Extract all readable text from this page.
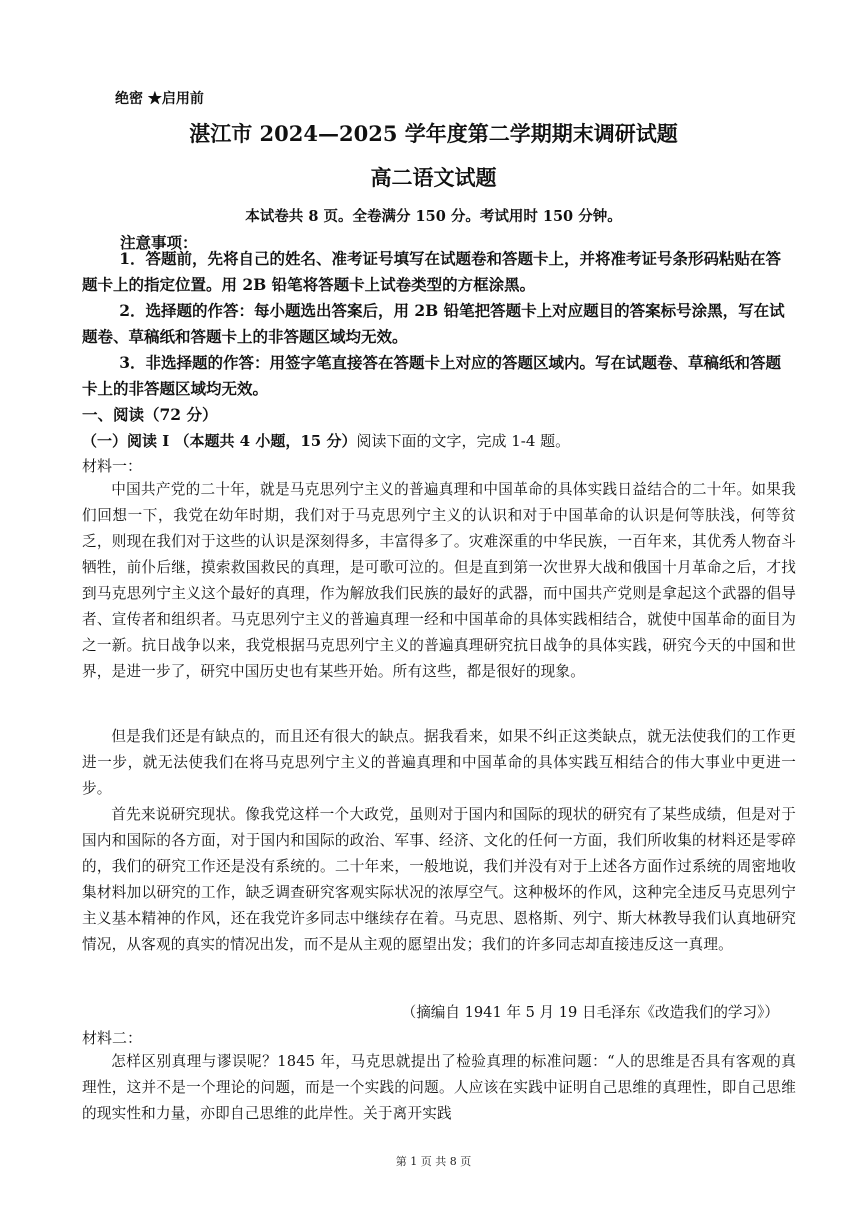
绝密 ★启用前
湛江市 2024—2025 学年度第二学期期末调研试题
高二语文试题
本试卷共 8 页。全卷满分 150 分。考试用时 150 分钟。
注意事项：
1．答题前，先将自己的姓名、准考证号填写在试题卷和答题卡上，并将准考证号条形码粘贴在答题卡上的指定位置。用 2B 铅笔将答题卡上试卷类型的方框涂黑。
2．选择题的作答：每小题选出答案后，用 2B 铅笔把答题卡上对应题目的答案标号涂黑，写在试题卷、草稿纸和答题卡上的非答题区域均无效。
3．非选择题的作答：用签字笔直接答在答题卡上对应的答题区域内。写在试题卷、草稿纸和答题卡上的非答题区域均无效。
一、阅读（72 分）
（一）阅读 Ⅰ （本题共 4 小题，15 分）阅读下面的文字，完成 1-4 题。
材料一：
中国共产党的二十年，就是马克思列宁主义的普遍真理和中国革命的具体实践日益结合的二十年。如果我们回想一下，我党在幼年时期，我们对于马克思列宁主义的认识和对于中国革命的认识是何等肤浅，何等贫乏，则现在我们对于这些的认识是深刻得多，丰富得多了。灾难深重的中华民族，一百年来，其优秀人物奋斗牺牲，前仆后继，摸索救国救民的真理，是可歌可泣的。但是直到第一次世界大战和俄国十月革命之后，才找到马克思列宁主义这个最好的真理，作为解放我们民族的最好的武器，而中国共产党则是拿起这个武器的倡导者、宣传者和组织者。马克思列宁主义的普遍真理一经和中国革命的具体实践相结合，就使中国革命的面目为之一新。抗日战争以来，我党根据马克思列宁主义的普遍真理研究抗日战争的具体实践，研究今天的中国和世界，是进一步了，研究中国历史也有某些开始。所有这些，都是很好的现象。
但是我们还是有缺点的，而且还有很大的缺点。据我看来，如果不纠正这类缺点，就无法使我们的工作更进一步，就无法使我们在将马克思列宁主义的普遍真理和中国革命的具体实践互相结合的伟大事业中更进一步。
首先来说研究现状。像我党这样一个大政党，虽则对于国内和国际的现状的研究有了某些成绩，但是对于国内和国际的各方面，对于国内和国际的政治、军事、经济、文化的任何一方面，我们所收集的材料还是零碎的，我们的研究工作还是没有系统的。二十年来，一般地说，我们并没有对于上述各方面作过系统的周密地收集材料加以研究的工作，缺乏调查研究客观实际状况的浓厚空气。这种极坏的作风，这种完全违反马克思列宁主义基本精神的作风，还在我党许多同志中继续存在着。马克思、恩格斯、列宁、斯大林教导我们认真地研究情况，从客观的真实的情况出发，而不是从主观的愿望出发；我们的许多同志却直接违反这一真理。
（摘编自 1941 年 5 月 19 日毛泽东《改造我们的学习》）
材料二：
怎样区别真理与谬误呢？1845 年，马克思就提出了检验真理的标准问题：“人的思维是否具有客观的真理性，这并不是一个理论的问题，而是一个实践的问题。人应该在实践中证明自己思维的真理性，即自己思维的现实性和力量，亦即自己思维的此岸性。关于离开实践
第 1 页 共 8 页
